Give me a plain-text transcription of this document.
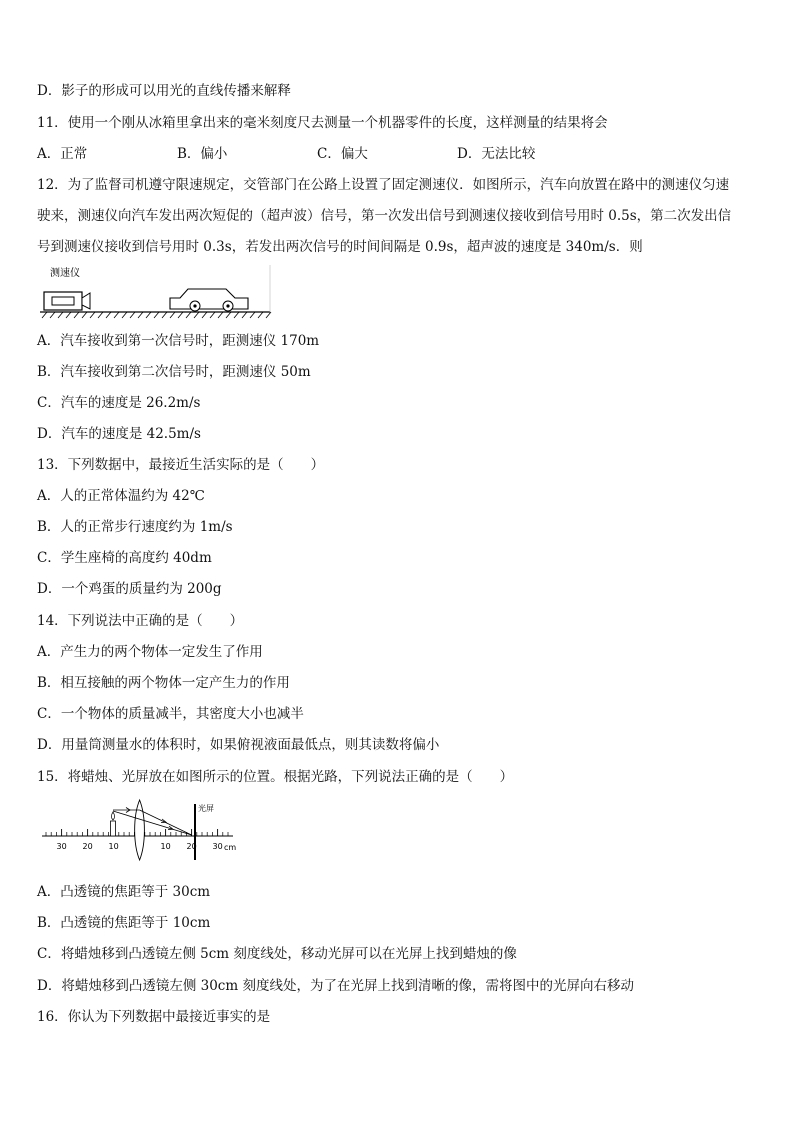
D．影子的形成可以用光的直线传播来解释
11．使用一个刚从冰箱里拿出来的毫米刻度尺去测量一个机器零件的长度，这样测量的结果将会
A．正常	B．偏小	C．偏大	D．无法比较
12．为了监督司机遵守限速规定，交管部门在公路上设置了固定测速仪．如图所示，汽车向放置在路中的测速仪匀速
驶来，测速仪向汽车发出两次短促的（超声波）信号，第一次发出信号到测速仪接收到信号用时 0.5s，第二次发出信
号到测速仪接收到信号用时 0.3s，若发出两次信号的时间间隔是 0.9s，超声波的速度是 340m/s．则
测速仪
A．汽车接收到第一次信号时，距测速仪 170m
B．汽车接收到第二次信号时，距测速仪 50m
C．汽车的速度是 26.2m/s
D．汽车的速度是 42.5m/s
13．下列数据中，最接近生活实际的是（　　）
A．人的正常体温约为 42℃
B．人的正常步行速度约为 1m/s
C．学生座椅的高度约 40dm
D．一个鸡蛋的质量约为 200g
14．下列说法中正确的是（　　）
A．产生力的两个物体一定发生了作用
B．相互接触的两个物体一定产生力的作用
C．一个物体的质量减半，其密度大小也减半
D．用量筒测量水的体积时，如果俯视液面最低点，则其读数将偏小
15．将蜡烛、光屏放在如图所示的位置。根据光路，下列说法正确的是（　　）
30 20 10	10 20 30 cm
光屏
A．凸透镜的焦距等于 30cm
B．凸透镜的焦距等于 10cm
C．将蜡烛移到凸透镜左侧 5cm 刻度线处，移动光屏可以在光屏上找到蜡烛的像
D．将蜡烛移到凸透镜左侧 30cm 刻度线处，为了在光屏上找到清晰的像，需将图中的光屏向右移动
16．你认为下列数据中最接近事实的是
